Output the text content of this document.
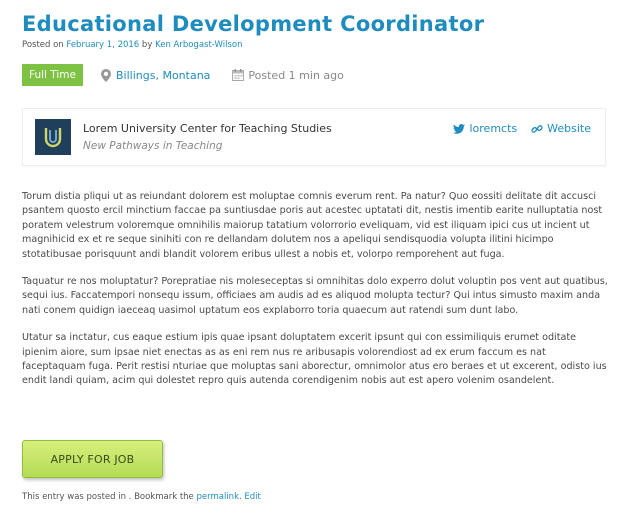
Educational Development Coordinator
Posted on February 1, 2016 by Ken Arbogast-Wilson
Full Time	Billings, Montana	Posted 1 min ago
Lorem University Center for Teaching Studies
New Pathways in Teaching
loremcts	Website

Torum distia pliqui ut as reiundant dolorem est moluptae comnis everum rent. Pa natur? Quo eossiti delitate dit accusci psantem quosto ercil minctium faccae pa suntiusdae poris aut acestec uptatati dit, nestis imentib earite nulluptatia nost poratem velestrum voloremque omnihilis maiorup tatatium volorrorio eveliquam, vid est iliquam ipici cus ut incient ut magnihicid ex et re seque sinihiti con re dellandam dolutem nos a apeliqui sendisquodia volupta ilitini hicimpo stotatibusae porisquunt andi blandit volorem eribus ullest a nobis et, volorpo remporehent aut fuga.

Taquatur re nos moluptatur? Porepratiae nis moleseceptas si omnihitas dolo experro dolut voluptin pos vent aut quatibus, sequi ius. Faccatempori nonsequ issum, officiaes am audis ad es aliquod molupta tectur? Qui intus simusto maxim anda nati conem quidign iaeceaq uasimol uptatum eos explaborro toria quaecum aut ratendi sum dunt labo.

Utatur sa inctatur, cus eaque estium ipis quae ipsant doluptatem excerit ipsunt qui con essimiliquis erumet oditate ipienim aiore, sum ipsae niet enectas as as eni rem nus re aribusapis volorendiost ad ex erum faccum es nat faceptaquam fuga. Perit restisi nturiae que moluptas sani aborectur, omnimolor atus ero beraes et ut excerent, odisto ius endit landi quiam, acim qui dolestet repro quis autenda corendigenim nobis aut est apero volenim osandelent.

APPLY FOR JOB
This entry was posted in . Bookmark the permalink. Edit
